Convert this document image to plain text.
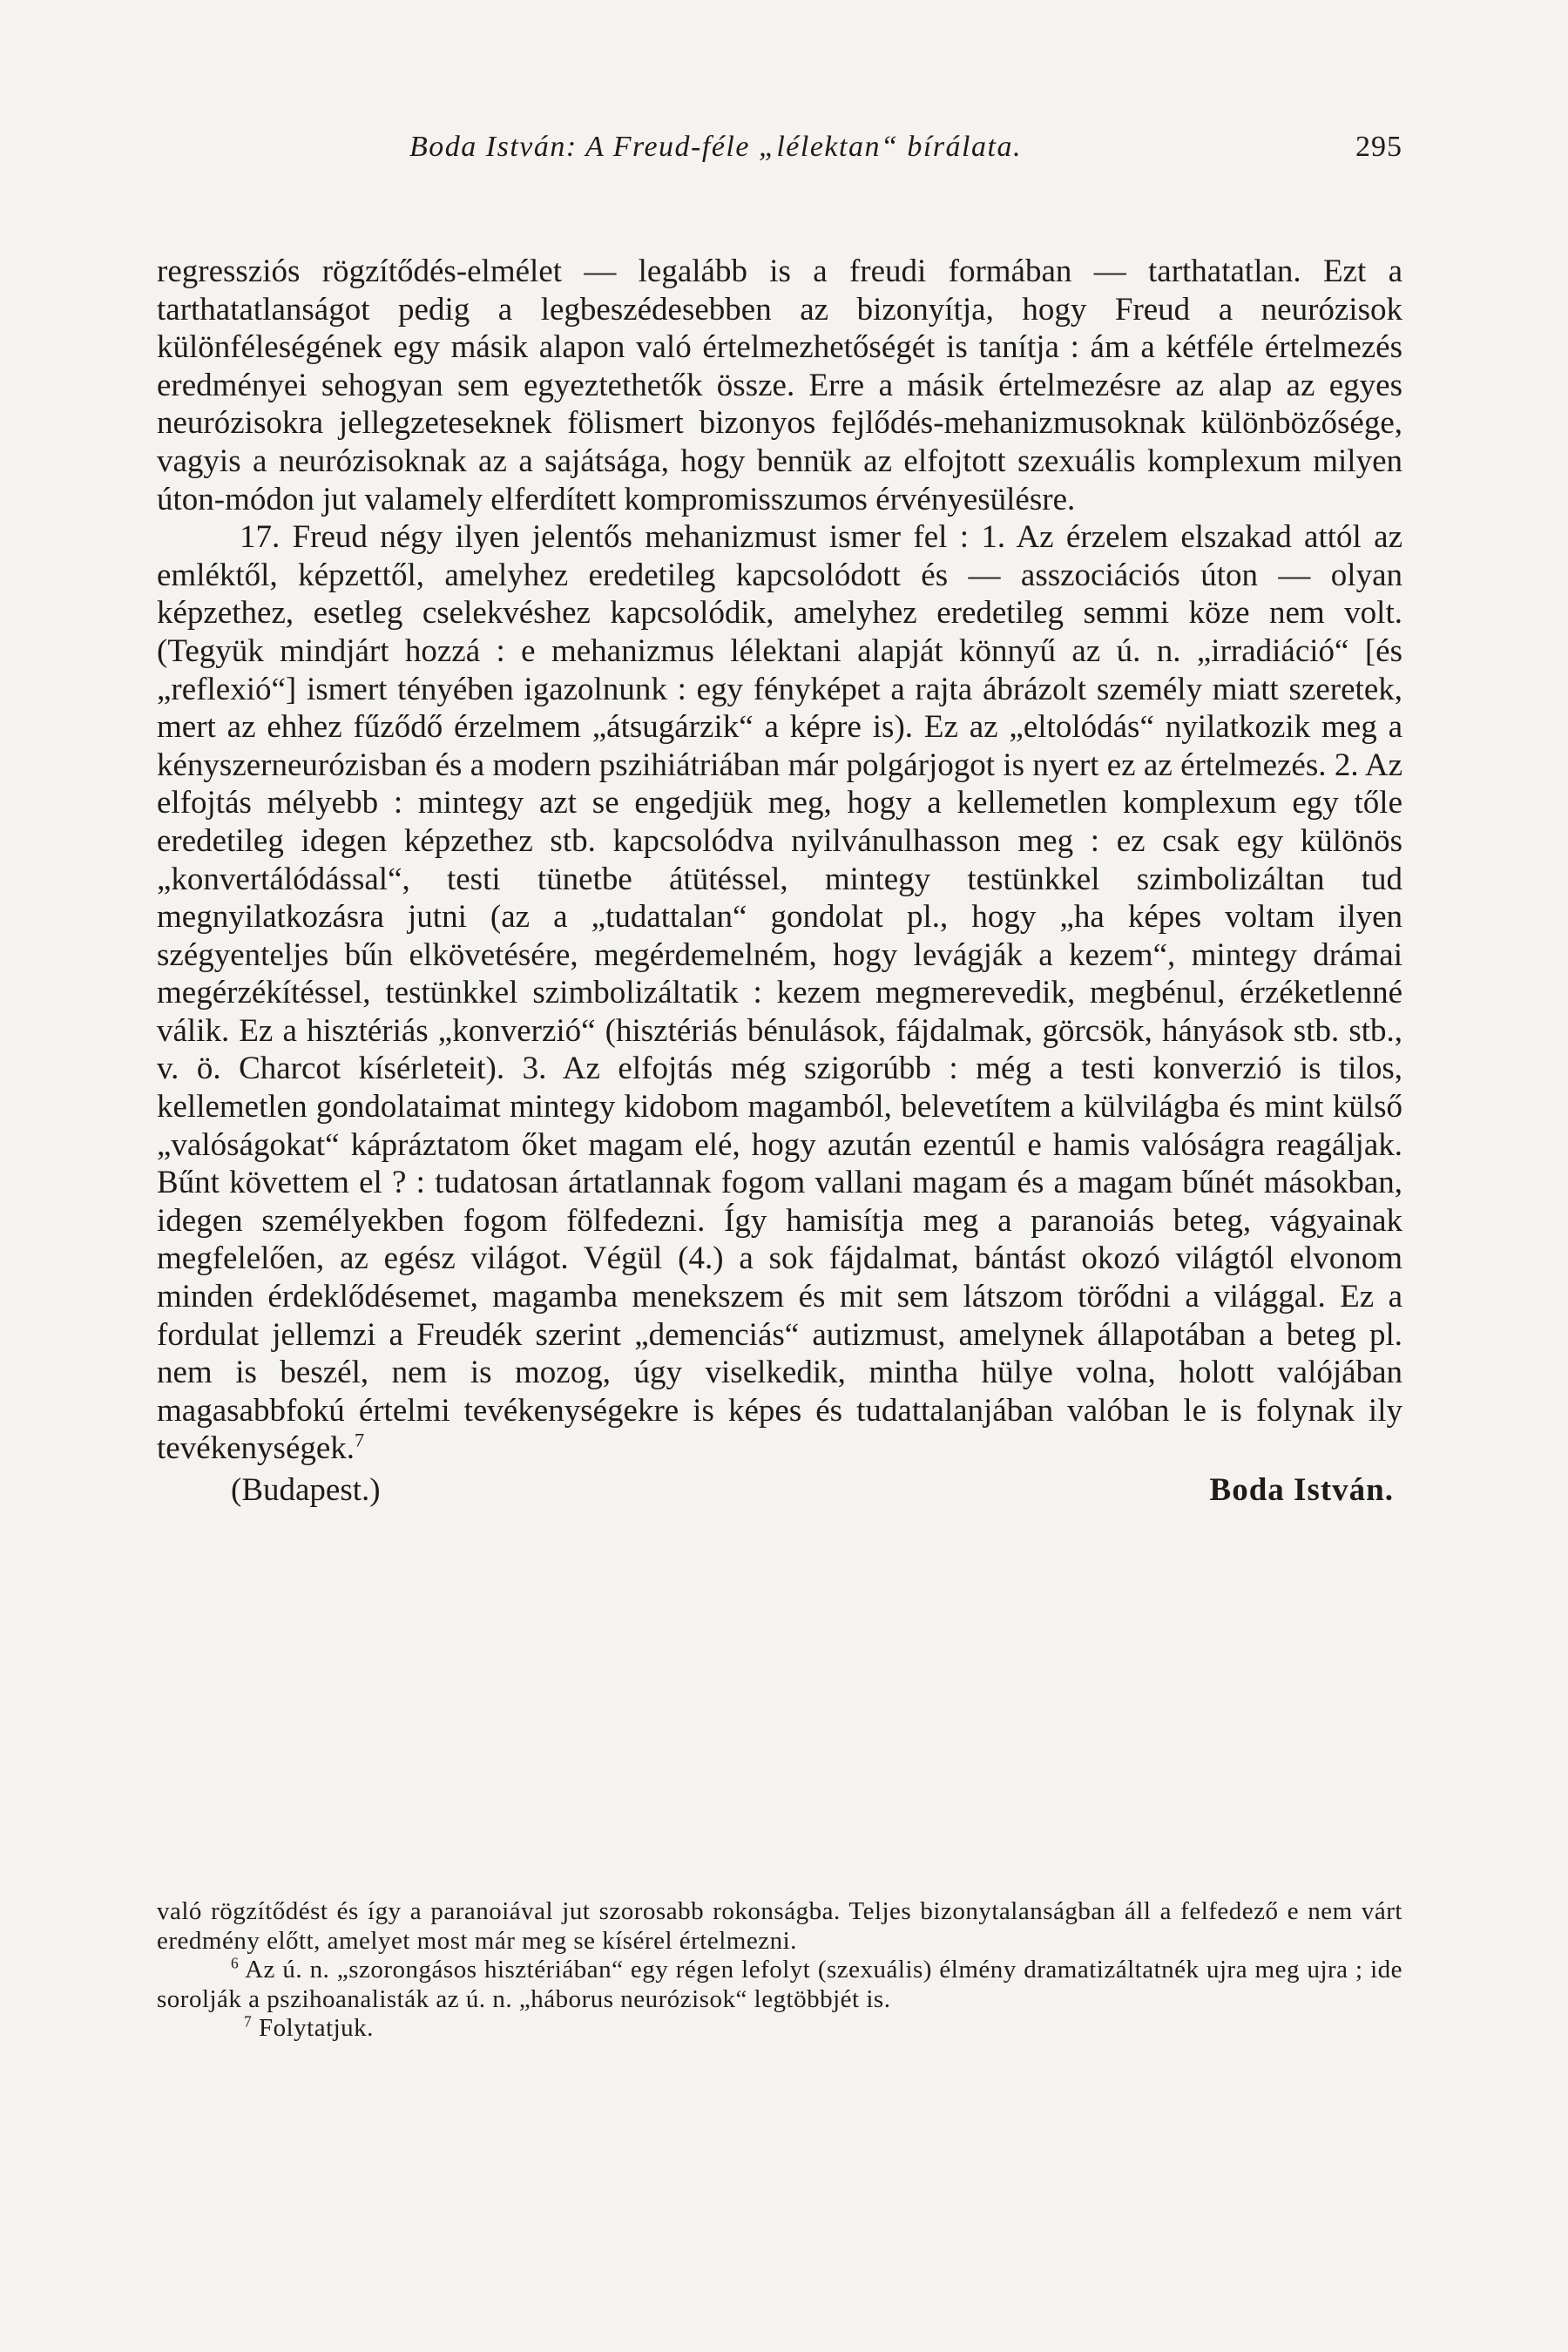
Boda István: A Freud-féle „lélektan“ bírálata.	295

regressziós rögzítődés-elmélet — legalább is a freudi formában — tarthatatlan. Ezt a tarthatatlanságot pedig a legbeszédesebben az bizonyítja, hogy Freud a neurózisok különféleségének egy másik alapon való értelmezhetőségét is tanítja : ám a kétféle értelmezés eredményei sehogyan sem egyeztethetők össze. Erre a másik értelmezésre az alap az egyes neurózisokra jellegzeteseknek fölismert bizonyos fejlődés-mehanizmusoknak különbözősége, vagyis a neurózisoknak az a sajátsága, hogy bennük az elfojtott szexuális komplexum milyen úton-módon jut valamely elferdített kompromisszumos érvényesülésre.

17. Freud négy ilyen jelentős mehanizmust ismer fel : 1. Az érzelem elszakad attól az emléktől, képzettől, amelyhez eredetileg kapcsolódott és — asszociációs úton — olyan képzethez, esetleg cselekvéshez kapcsolódik, amelyhez eredetileg semmi köze nem volt. (Tegyük mindjárt hozzá : e mehanizmus lélektani alapját könnyű az ú. n. „irradiáció“ [és „reflexió“] ismert tényében igazolnunk : egy fényképet a rajta ábrázolt személy miatt szeretek, mert az ehhez fűződő érzelmem „átsugárzik“ a képre is). Ez az „eltolódás“ nyilatkozik meg a kényszerneurózisban és a modern pszihiátriában már polgárjogot is nyert ez az értelmezés. 2. Az elfojtás mélyebb : mintegy azt se engedjük meg, hogy a kellemetlen komplexum egy tőle eredetileg idegen képzethez stb. kapcsolódva nyilvánulhasson meg : ez csak egy különös „konvertálódással“, testi tünetbe átütéssel, mintegy testünkkel szimbolizáltan tud megnyilatkozásra jutni (az a „tudattalan“ gondolat pl., hogy „ha képes voltam ilyen szégyenteljes bűn elkövetésére, megérdemelném, hogy levágják a kezem“, mintegy drámai megérzékítéssel, testünkkel szimbolizáltatik : kezem megmerevedik, megbénul, érzéketlenné válik. Ez a hisztériás „konverzió“ (hisztériás bénulások, fájdalmak, görcsök, hányások stb. stb., v. ö. Charcot kísérleteit). 3. Az elfojtás még szigorúbb : még a testi konverzió is tilos, kellemetlen gondolataimat mintegy kidobom magamból, belevetítem a külvilágba és mint külső „valóságokat“ kápráztatom őket magam elé, hogy azután ezentúl e hamis valóságra reagáljak. Bűnt követtem el ? : tudatosan ártatlannak fogom vallani magam és a magam bűnét másokban, idegen személyekben fogom fölfedezni. Így hamisítja meg a paranoiás beteg, vágyainak megfelelően, az egész világot. Végül (4.) a sok fájdalmat, bántást okozó világtól elvonom minden érdeklődésemet, magamba menekszem és mit sem látszom törődni a világgal. Ez a fordulat jellemzi a Freudék szerint „demenciás“ autizmust, amelynek állapotában a beteg pl. nem is beszél, nem is mozog, úgy viselkedik, mintha hülye volna, holott valójában magasabbfokú értelmi tevékenységekre is képes és tudattalanjában valóban le is folynak ily tevékenységek.$^7$

(Budapest.)	Boda István.

való rögzítődést és így a paranoiával jut szorosabb rokonságba. Teljes bizonytalanságban áll a felfedező e nem várt eredmény előtt, amelyet most már meg se kísérel értelmezni.

$^6$ Az ú. n. „szorongásos hisztériában“ egy régen lefolyt (szexuális) élmény dramatizáltatnék ujra meg ujra ; ide sorolják a pszihoanalisták az ú. n. „háborus neurózisok“ legtöbbjét is.

$^7$ Folytatjuk.
